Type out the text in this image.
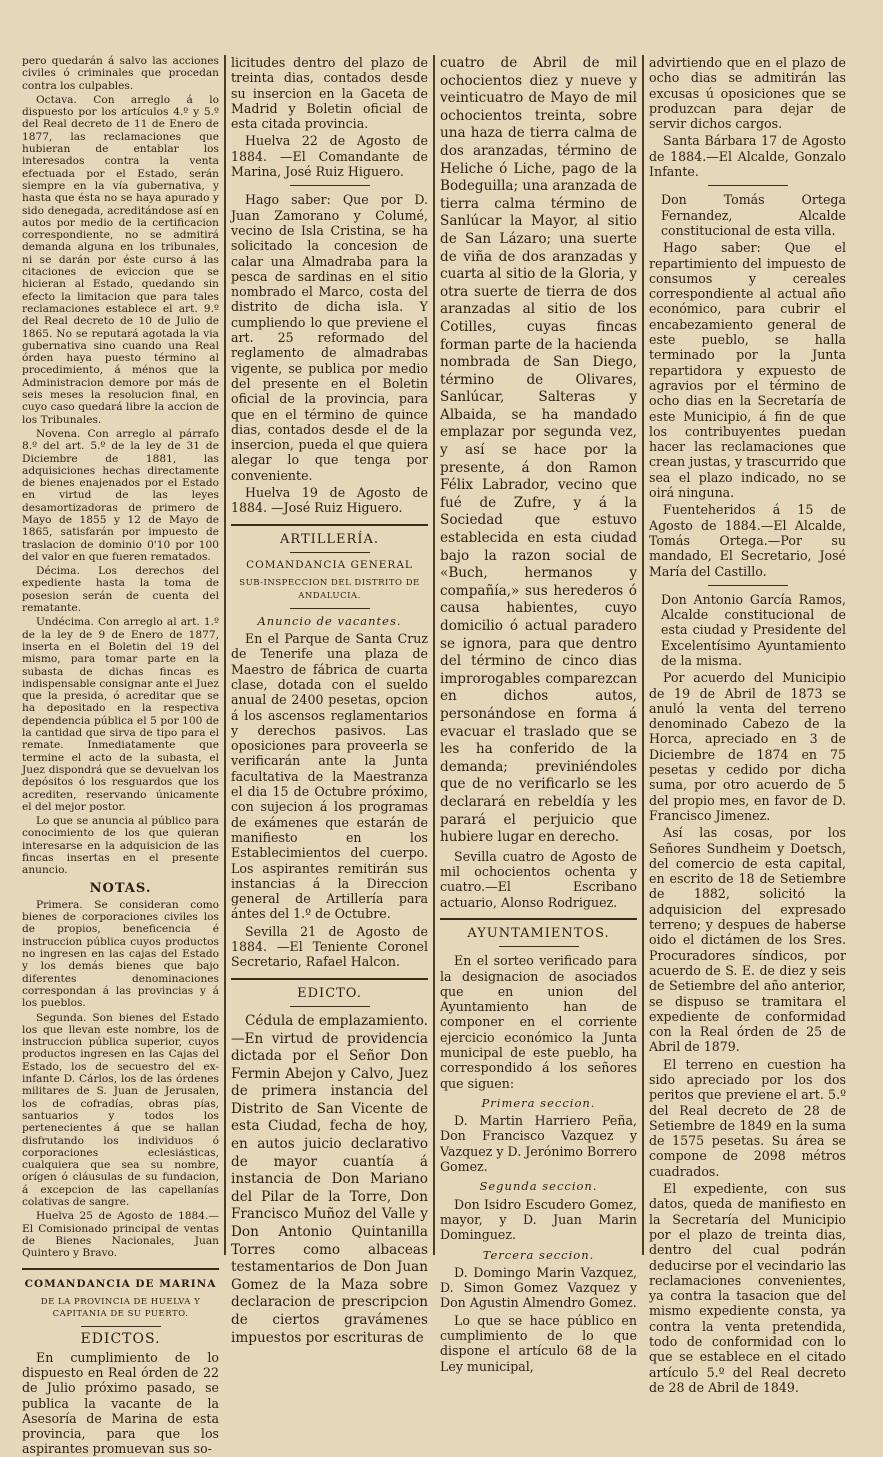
pero quedarán á salvo las acciones civiles ó criminales que procedan contra los culpables.

Octava. Con arreglo á lo dispuesto por los artículos 4.º y 5.º del Real decreto de 11 de Enero de 1877, las reclamaciones que hubieran de entablar los interesados contra la venta efectuada por el Estado, serán siempre en la vía gubernativa, y hasta que ésta no se haya apurado y sido denegada, acreditándose así en autos por medio de la certificacion correspondiente, no se admitirá demanda alguna en los tribunales, ni se darán por éste curso á las citaciones de eviccion que se hicieran al Estado, quedando sin efecto la limitacion que para tales reclamaciones establece el art. 9.º del Real decreto de 10 de Julio de 1865. No se reputará agotada la via gubernativa sino cuando una Real órden haya puesto término al procedimiento, á ménos que la Administracion demore por más de seis meses la resolucion final, en cuyo caso quedará libre la accion de los Tribunales.

Novena. Con arreglo al párrafo 8.º del art. 5.º de la ley de 31 de Diciembre de 1881, las adquisiciones hechas directamente de bienes enajenados por el Estado en virtud de las leyes desamortizadoras de primero de Mayo de 1855 y 12 de Mayo de 1865, satisfarán por impuesto de traslacion de dominio 0'10 por 100 del valor en que fueren rematados.

Décima. Los derechos del expediente hasta la toma de posesion serán de cuenta del rematante.

Undécima. Con arreglo al art. 1.º de la ley de 9 de Enero de 1877, inserta en el Boletin del 19 del mismo, para tomar parte en la subasta de dichas fincas es indispensable consignar ante el Juez que la presida, ó acreditar que se ha depositado en la respectiva dependencia pública el 5 por 100 de la cantidad que sirva de tipo para el remate. Inmediatamente que termine el acto de la subasta, el Juez dispondrá que se devuelvan los depósitos ó los resguardos que los acrediten, reservando únicamente el del mejor postor.

Lo que se anuncia al público para conocimiento de los que quieran interesarse en la adquisicion de las fincas insertas en el presente anuncio.

NOTAS.

Primera. Se consideran como bienes de corporaciones civiles los de propios, beneficencia é instruccion pública cuyos productos no ingresen en las cajas del Estado y los demás bienes que bajo diferentes denominaciones correspondan á las provincias y á los pueblos.

Segunda. Son bienes del Estado los que llevan este nombre, los de instruccion pública superior, cuyos productos ingresen en las Cajas del Estado, los de secuestro del ex-infante D. Cárlos, los de las órdenes militares de S. Juan de Jerusalen, los de cofradías, obras pías, santuarios y todos los pertenecientes á que se hallan disfrutando los individuos ó corporaciones eclesiásticas, cualquiera que sea su nombre, orígen ó cláusulas de su fundacion, á excepcion de las capellanías colativas de sangre.

Huelva 25 de Agosto de 1884.—El Comisionado principal de ventas de Bienes Nacionales, Juan Quintero y Bravo.

COMANDANCIA DE MARINA
DE LA PROVINCIA DE HUELVA Y CAPITANIA DE SU PUERTO.
EDICTOS.

En cumplimiento de lo dispuesto en Real órden de 22 de Julio próximo pasado, se publica la vacante de la Asesoría de Marina de esta provincia, para que los aspirantes promuevan sus so-

licitudes dentro del plazo de treinta dias, contados desde su insercion en la Gaceta de Madrid y Boletin oficial de esta citada provincia.

Huelva 22 de Agosto de 1884. —El Comandante de Marina, José Ruiz Higuero.

Hago saber: Que por D. Juan Zamorano y Columé, vecino de Isla Cristina, se ha solicitado la concesion de calar una Almadraba para la pesca de sardinas en el sitio nombrado el Marco, costa del distrito de dicha isla. Y cumpliendo lo que previene el art. 25 reformado del reglamento de almadrabas vigente, se publica por medio del presente en el Boletin oficial de la provincia, para que en el término de quince dias, contados desde el de la insercion, pueda el que quiera alegar lo que tenga por conveniente.

Huelva 19 de Agosto de 1884. —José Ruiz Higuero.

ARTILLERÍA.
COMANDANCIA GENERAL
SUB-INSPECCION DEL DISTRITO DE ANDALUCIA.
Anuncio de vacantes.

En el Parque de Santa Cruz de Tenerife una plaza de Maestro de fábrica de cuarta clase, dotada con el sueldo anual de 2400 pesetas, opcion á los ascensos reglamentarios y derechos pasivos. Las oposiciones para proveerla se verificarán ante la Junta facultativa de la Maestranza el dia 15 de Octubre próximo, con sujecion á los programas de exámenes que estarán de manifiesto en los Establecimientos del cuerpo. Los aspirantes remitirán sus instancias á la Direccion general de Artillería para ántes del 1.º de Octubre.

Sevilla 21 de Agosto de 1884. —El Teniente Coronel Secretario, Rafael Halcon.

EDICTO.

Cédula de emplazamiento. —En virtud de providencia dictada por el Señor Don Fermin Abejon y Calvo, Juez de primera instancia del Distrito de San Vicente de esta Ciudad, fecha de hoy, en autos juicio declarativo de mayor cuantía á instancia de Don Mariano del Pilar de la Torre, Don Francisco Muñoz del Valle y Don Antonio Quintanilla Torres como albaceas testamentarios de Don Juan Gomez de la Maza sobre declaracion de prescripcion de ciertos gravámenes impuestos por escrituras de

cuatro de Abril de mil ochocientos diez y nueve y veinticuatro de Mayo de mil ochocientos treinta, sobre una haza de tierra calma de dos aranzadas, término de Heliche ó Liche, pago de la Bodeguilla; una aranzada de tierra calma término de Sanlúcar la Mayor, al sitio de San Lázaro; una suerte de viña de dos aranzadas y cuarta al sitio de la Gloria, y otra suerte de tierra de dos aranzadas al sitio de los Cotilles, cuyas fincas forman parte de la hacienda nombrada de San Diego, término de Olivares, Sanlúcar, Salteras y Albaida, se ha mandado emplazar por segunda vez, y así se hace por la presente, á don Ramon Félix Labrador, vecino que fué de Zufre, y á la Sociedad que estuvo establecida en esta ciudad bajo la razon social de «Buch, hermanos y compañía,» sus herederos ó causa habientes, cuyo domicilio ó actual paradero se ignora, para que dentro del término de cinco dias improrogables comparezcan en dichos autos, personándose en forma á evacuar el traslado que se les ha conferido de la demanda; previniéndoles que de no verificarlo se les declarará en rebeldía y les parará el perjuicio que hubiere lugar en derecho.

Sevilla cuatro de Agosto de mil ochocientos ochenta y cuatro.—El Escribano actuario, Alonso Rodriguez.

AYUNTAMIENTOS.

En el sorteo verificado para la designacion de asociados que en union del Ayuntamiento han de componer en el corriente ejercicio económico la Junta municipal de este pueblo, ha correspondido á los señores que siguen:

Primera seccion.

D. Martin Harriero Peña, Don Francisco Vazquez y Vazquez y D. Jerónimo Borrero Gomez.

Segunda seccion.

Don Isidro Escudero Gomez, mayor, y D. Juan Marin Dominguez.

Tercera seccion.

D. Domingo Marin Vazquez, D. Simon Gomez Vazquez y Don Agustin Almendro Gomez.

Lo que se hace público en cumplimiento de lo que dispone el artículo 68 de la Ley municipal,

advirtiendo que en el plazo de ocho dias se admitirán las excusas ú oposiciones que se produzcan para dejar de servir dichos cargos.

Santa Bárbara 17 de Agosto de 1884.—El Alcalde, Gonzalo Infante.

Don Tomás Ortega Fernandez, Alcalde constitucional de esta villa.

Hago saber: Que el repartimiento del impuesto de consumos y cereales correspondiente al actual año económico, para cubrir el encabezamiento general de este pueblo, se halla terminado por la Junta repartidora y expuesto de agravios por el término de ocho dias en la Secretaría de este Municipio, á fin de que los contribuyentes puedan hacer las reclamaciones que crean justas, y trascurrido que sea el plazo indicado, no se oirá ninguna.

Fuenteheridos á 15 de Agosto de 1884.—El Alcalde, Tomás Ortega.—Por su mandado, El Secretario, José María del Castillo.

Don Antonio García Ramos, Alcalde constitucional de esta ciudad y Presidente del Excelentísimo Ayuntamiento de la misma.

Por acuerdo del Municipio de 19 de Abril de 1873 se anuló la venta del terreno denominado Cabezo de la Horca, apreciado en 3 de Diciembre de 1874 en 75 pesetas y cedido por dicha suma, por otro acuerdo de 5 del propio mes, en favor de D. Francisco Jimenez.

Así las cosas, por los Señores Sundheim y Doetsch, del comercio de esta capital, en escrito de 18 de Setiembre de 1882, solicitó la adquisicion del expresado terreno; y despues de haberse oido el dictámen de los Sres. Procuradores síndicos, por acuerdo de S. E. de diez y seis de Setiembre del año anterior, se dispuso se tramitara el expediente de conformidad con la Real órden de 25 de Abril de 1879.

El terreno en cuestion ha sido apreciado por los dos peritos que previene el art. 5.º del Real decreto de 28 de Setiembre de 1849 en la suma de 1575 pesetas. Su área se compone de 2098 métros cuadrados.

El expediente, con sus datos, queda de manifiesto en la Secretaría del Municipio por el plazo de treinta dias, dentro del cual podrán deducirse por el vecindario las reclamaciones convenientes, ya contra la tasacion que del mismo expediente consta, ya contra la venta pretendida, todo de conformidad con lo que se establece en el citado artículo 5.º del Real decreto de 28 de Abril de 1849.
